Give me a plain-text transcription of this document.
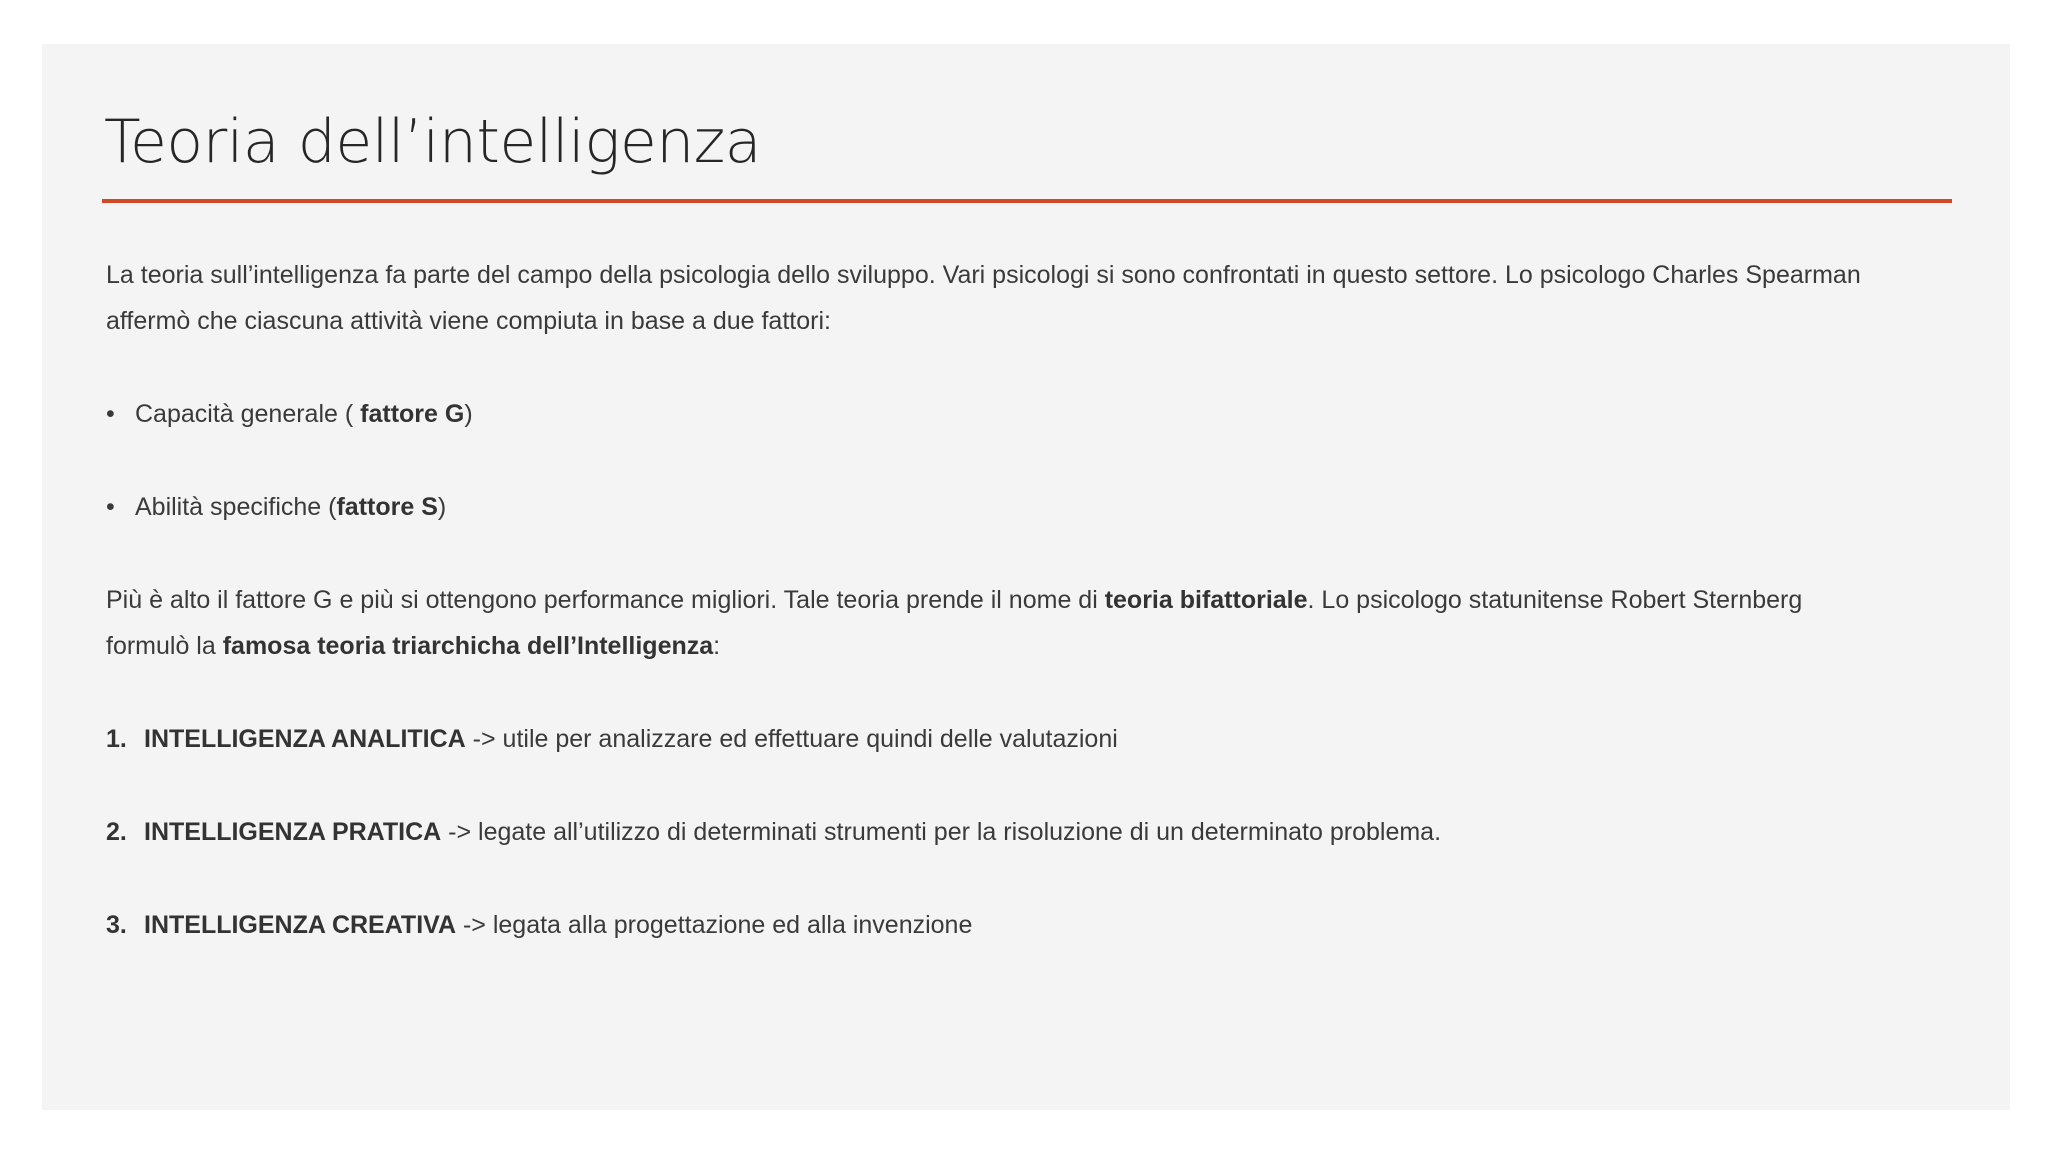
Teoria dell’intelligenza

La teoria sull’intelligenza fa parte del campo della psicologia dello sviluppo. Vari psicologi si sono confrontati in questo settore. Lo psicologo Charles Spearman
affermò che ciascuna attività viene compiuta in base a due fattori:

• Capacità generale ( fattore G)
• Abilità specifiche (fattore S)

Più è alto il fattore G e più si ottengono performance migliori. Tale teoria prende il nome di teoria bifattoriale. Lo psicologo statunitense Robert Sternberg
formulò la famosa teoria triarchicha dell’Intelligenza:

1. INTELLIGENZA ANALITICA -> utile per analizzare ed effettuare quindi delle valutazioni
2. INTELLIGENZA PRATICA -> legate all’utilizzo di determinati strumenti per la risoluzione di un determinato problema.
3. INTELLIGENZA CREATIVA -> legata alla progettazione ed alla invenzione
